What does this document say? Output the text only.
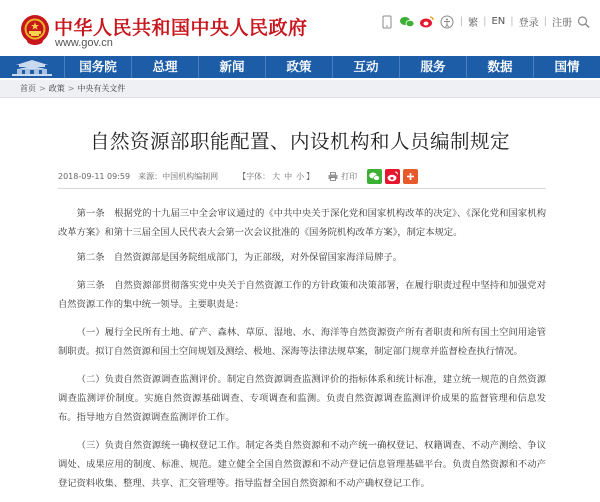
中华人民共和国中央人民政府
www.gov.cn
| 繁 | EN | 登录 | 注册
国务院	总理	新闻	政策	互动	服务	数据	国情
首页 > 政策 > 中央有关文件
自然资源部职能配置、内设机构和人员编制规定
2018-09-11 09:59 来源： 中国机构编制网	【字体： 大 中 小 】	打印

第一条　根据党的十九届三中全会审议通过的《中共中央关于深化党和国家机构改革的决定》、《深化党和国家机构改革方案》和第十三届全国人民代表大会第一次会议批准的《国务院机构改革方案》，制定本规定。

第二条　自然资源部是国务院组成部门，为正部级，对外保留国家海洋局牌子。

第三条　自然资源部贯彻落实党中央关于自然资源工作的方针政策和决策部署，在履行职责过程中坚持和加强党对自然资源工作的集中统一领导。主要职责是：

（一）履行全民所有土地、矿产、森林、草原、湿地、水、海洋等自然资源资产所有者职责和所有国土空间用途管制职责。拟订自然资源和国土空间规划及测绘、极地、深海等法律法规草案，制定部门规章并监督检查执行情况。

（二）负责自然资源调查监测评价。制定自然资源调查监测评价的指标体系和统计标准，建立统一规范的自然资源调查监测评价制度。实施自然资源基础调查、专项调查和监测。负责自然资源调查监测评价成果的监督管理和信息发布。指导地方自然资源调查监测评价工作。

（三）负责自然资源统一确权登记工作。制定各类自然资源和不动产统一确权登记、权籍调查、不动产测绘、争议调处、成果应用的制度、标准、规范。建立健全全国自然资源和不动产登记信息管理基础平台。负责自然资源和不动产登记资料收集、整理、共享、汇交管理等。指导监督全国自然资源和不动产确权登记工作。
